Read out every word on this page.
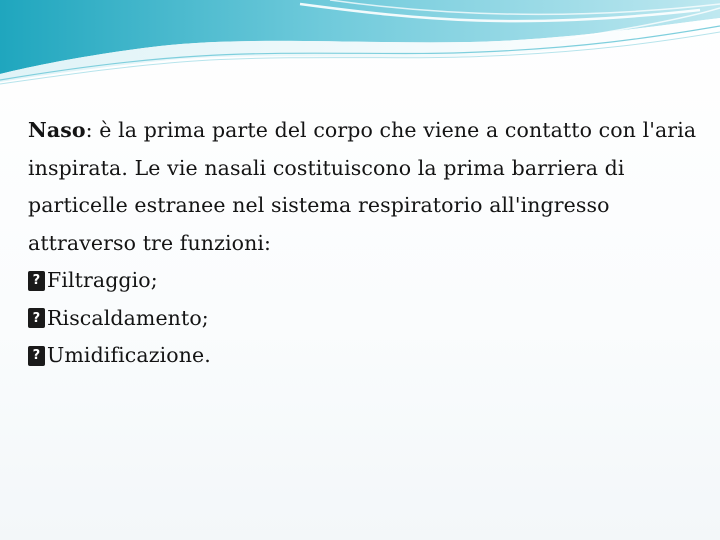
Naso: è la prima parte del corpo che viene a contatto con l'aria inspirata. Le vie nasali costituiscono la prima barriera di particelle estranee nel sistema respiratorio all'ingresso attraverso tre funzioni:

? Filtraggio;

? Riscaldamento;

? Umidificazione.
